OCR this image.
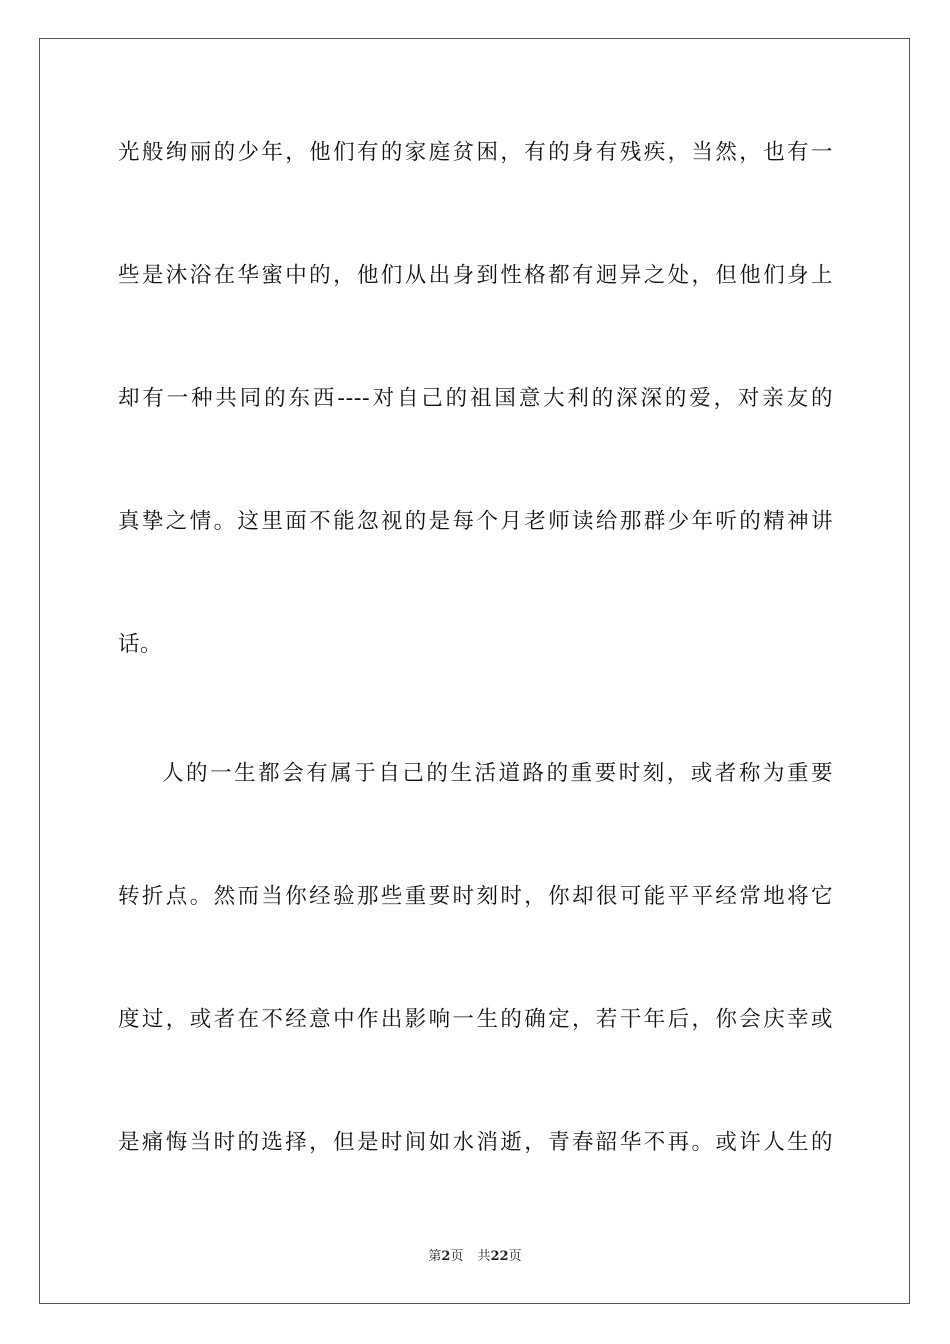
光般绚丽的少年，他们有的家庭贫困，有的身有残疾，当然，也有一
些是沐浴在华蜜中的，他们从出身到性格都有迥异之处，但他们身上
却有一种共同的东西----对自己的祖国意大利的深深的爱，对亲友的
真挚之情。这里面不能忽视的是每个月老师读给那群少年听的精神讲
话。
人的一生都会有属于自己的生活道路的重要时刻，或者称为重要
转折点。然而当你经验那些重要时刻时，你却很可能平平经常地将它
度过，或者在不经意中作出影响一生的确定，若干年后，你会庆幸或
是痛悔当时的选择，但是时间如水消逝，青春韶华不再。或许人生的
第2页 共22页
